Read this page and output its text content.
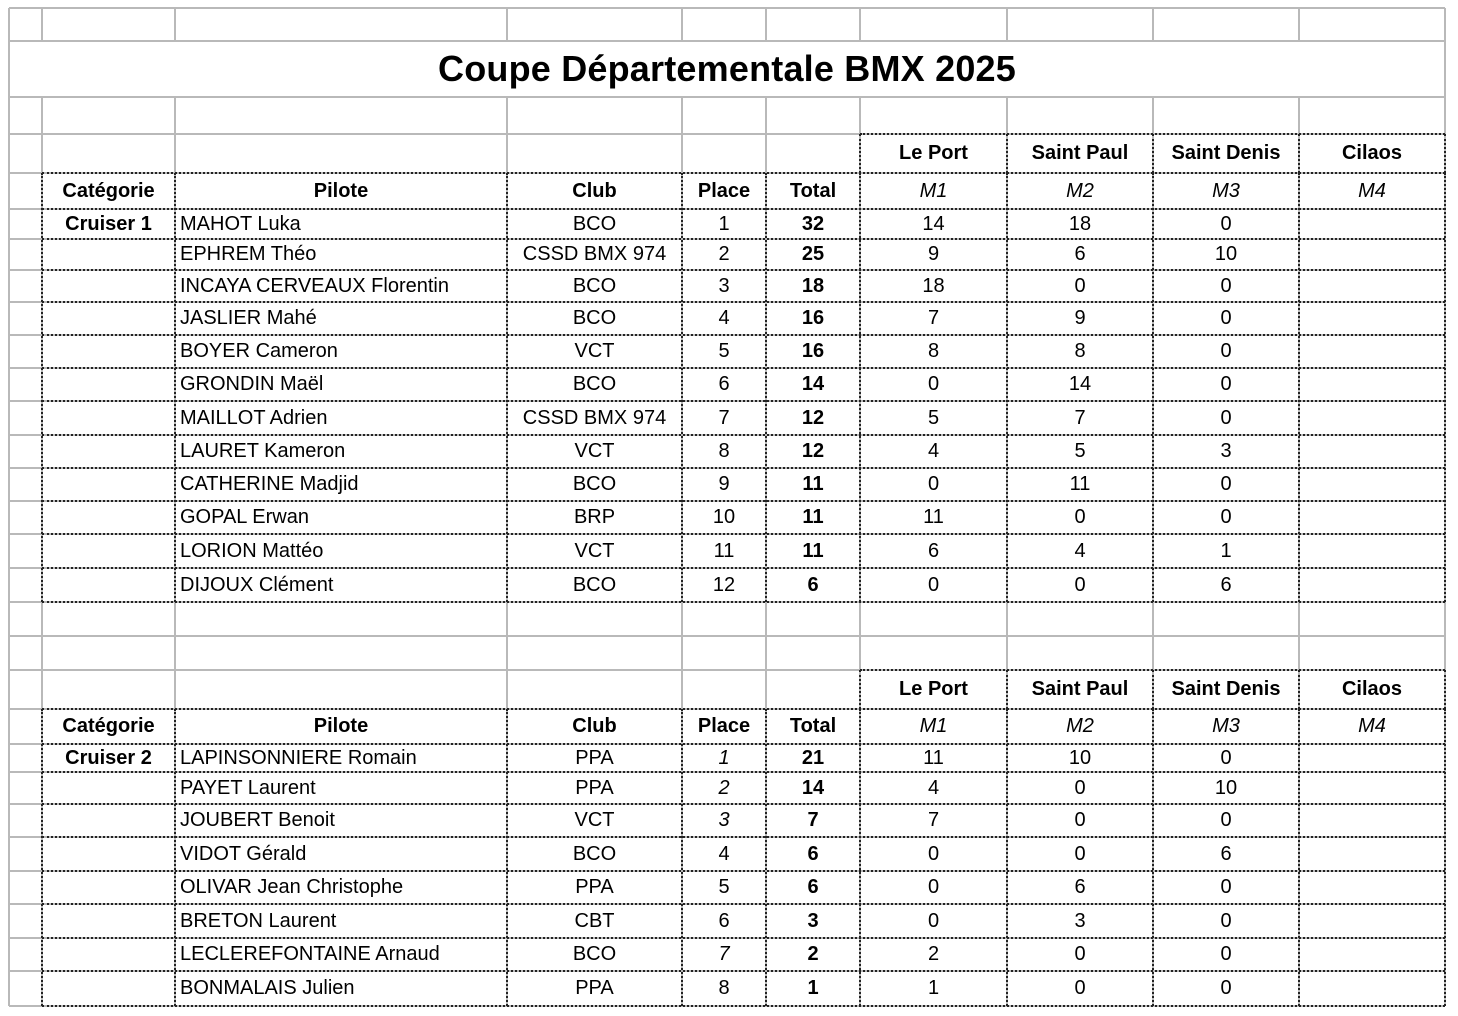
Coupe Départementale BMX 2025
Le Port	Saint Paul	Saint Denis	Cilaos
Catégorie	Pilote	Club	Place	Total	M1	M2	M3	M4
Cruiser 1	MAHOT Luka	BCO	1	32	14	18	0
EPHREM Théo	CSSD BMX 974	2	25	9	6	10
INCAYA CERVEAUX Florentin	BCO	3	18	18	0	0
JASLIER Mahé	BCO	4	16	7	9	0
BOYER Cameron	VCT	5	16	8	8	0
GRONDIN Maël	BCO	6	14	0	14	0
MAILLOT Adrien	CSSD BMX 974	7	12	5	7	0
LAURET Kameron	VCT	8	12	4	5	3
CATHERINE Madjid	BCO	9	11	0	11	0
GOPAL Erwan	BRP	10	11	11	0	0
LORION Mattéo	VCT	11	11	6	4	1
DIJOUX Clément	BCO	12	6	0	0	6
Le Port	Saint Paul	Saint Denis	Cilaos
Catégorie	Pilote	Club	Place	Total	M1	M2	M3	M4
Cruiser 2	LAPINSONNIERE Romain	PPA	1	21	11	10	0
PAYET Laurent	PPA	2	14	4	0	10
JOUBERT Benoit	VCT	3	7	7	0	0
VIDOT Gérald	BCO	4	6	0	0	6
OLIVAR Jean Christophe	PPA	5	6	0	6	0
BRETON Laurent	CBT	6	3	0	3	0
LECLEREFONTAINE Arnaud	BCO	7	2	2	0	0
BONMALAIS Julien	PPA	8	1	1	0	0
